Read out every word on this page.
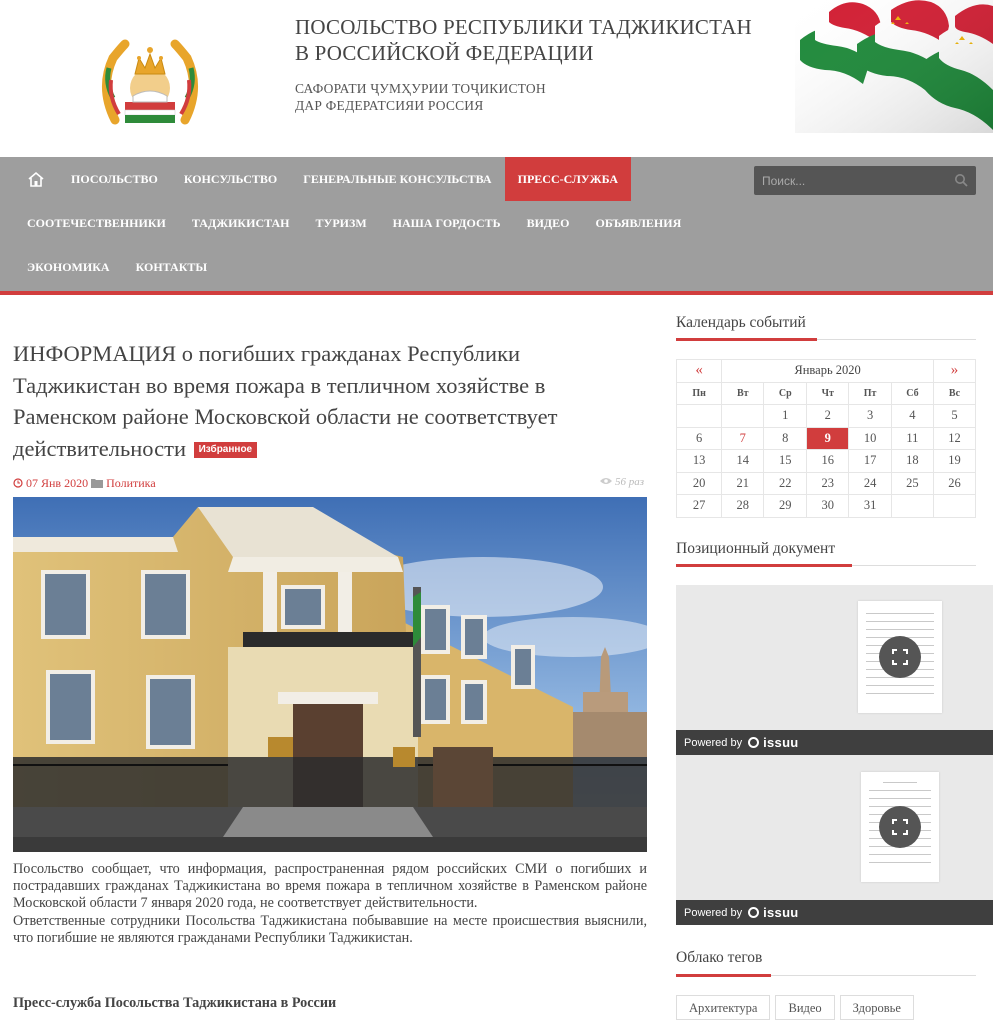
ПОСОЛЬСТВО РЕСПУБЛИКИ ТАДЖИКИСТАН
В РОССИЙСКОЙ ФЕДЕРАЦИИ
САФОРАТИ ҶУМҲУРИИ ТОҶИКИСТОН
ДАР ФЕДЕРАТСИЯИ РОССИЯ
ПОСОЛЬСТВО	КОНСУЛЬСТВО	ГЕНЕРАЛЬНЫЕ КОНСУЛЬСТВА	ПРЕСС-СЛУЖБА
СООТЕЧЕСТВЕННИКИ	ТАДЖИКИСТАН	ТУРИЗМ	НАША ГОРДОСТЬ	ВИДЕО	ОБЪЯВЛЕНИЯ
ЭКОНОМИКА	КОНТАКТЫ
Поиск...
ИНФОРМАЦИЯ о погибших гражданах Республики Таджикистан во время пожара в тепличном хозяйстве в Раменском районе Московской области не соответствует действительности Избранное
07 Янв 2020 Политика	56 раз

Посольство сообщает, что информация, распространенная рядом российских СМИ о погибших и пострадавших гражданах Таджикистана во время пожара в тепличном хозяйстве в Раменском районе Московской области 7 января 2020 года, не соответствует действительности.

Ответственные сотрудники Посольства Таджикистана побывавшие на месте происшествия выяснили, что погибшие не являются гражданами Республики Таджикистан.

Пресс-служба Посольства Таджикистана в России
Календарь событий
«	Январь 2020					»
Пн	Вт	Ср	Чт	Пт	Сб	Вс
		1	2	3	4	5
6	7	8	9	10	11	12
13	14	15	16	17	18	19
20	21	22	23	24	25	26
27	28	29	30	31		
Позиционный документ
Powered by issuu
Powered by issuu
Облако тегов
Архитектура	Видео	Здоровье
